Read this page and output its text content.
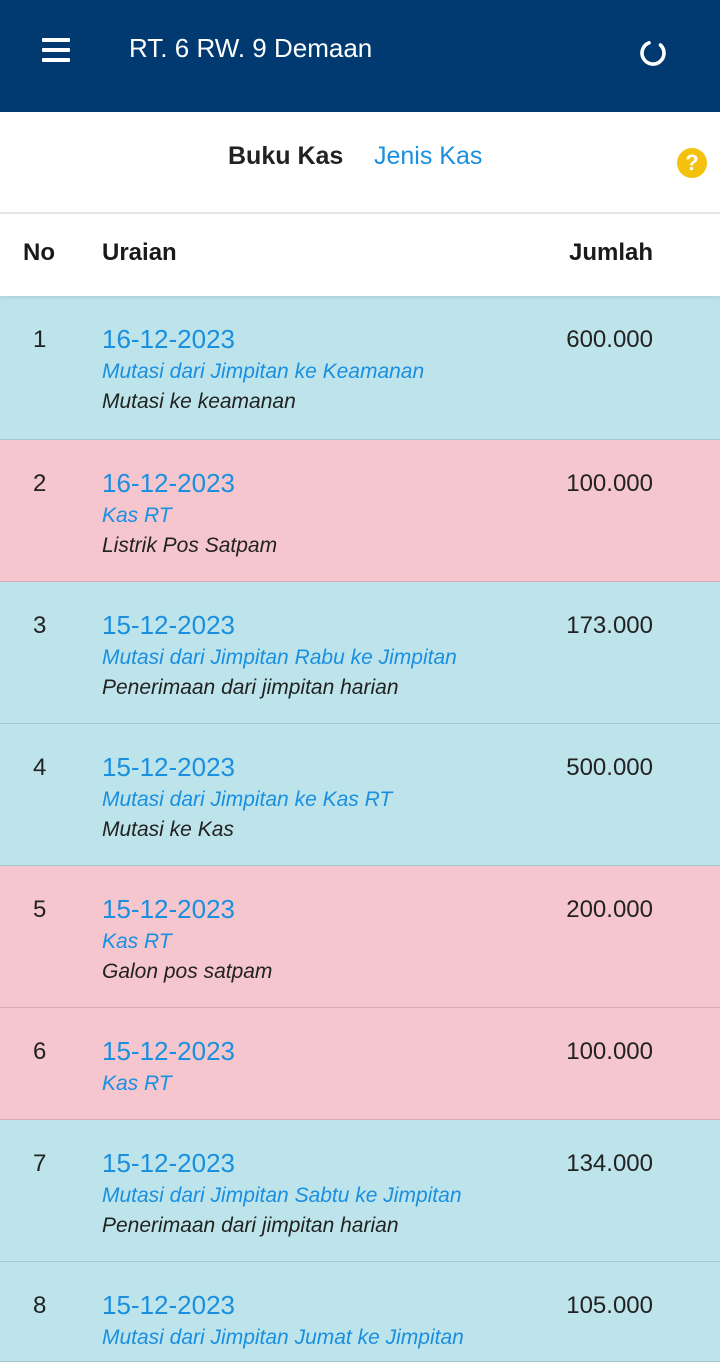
RT. 6 RW. 9 Demaan
Buku Kas Jenis Kas	?
No Uraian	Jumlah
1 16-12-2023
Mutasi dari Jimpitan ke Keamanan
Mutasi ke keamanan
600.000
2 16-12-2023
Kas RT
Listrik Pos Satpam
100.000
3 15-12-2023
Mutasi dari Jimpitan Rabu ke Jimpitan
Penerimaan dari jimpitan harian
173.000
4 15-12-2023
Mutasi dari Jimpitan ke Kas RT
Mutasi ke Kas
500.000
5 15-12-2023
Kas RT
Galon pos satpam
200.000
6 15-12-2023
Kas RT
100.000
7 15-12-2023
Mutasi dari Jimpitan Sabtu ke Jimpitan
Penerimaan dari jimpitan harian
134.000
8 15-12-2023
Mutasi dari Jimpitan Jumat ke Jimpitan
105.000
